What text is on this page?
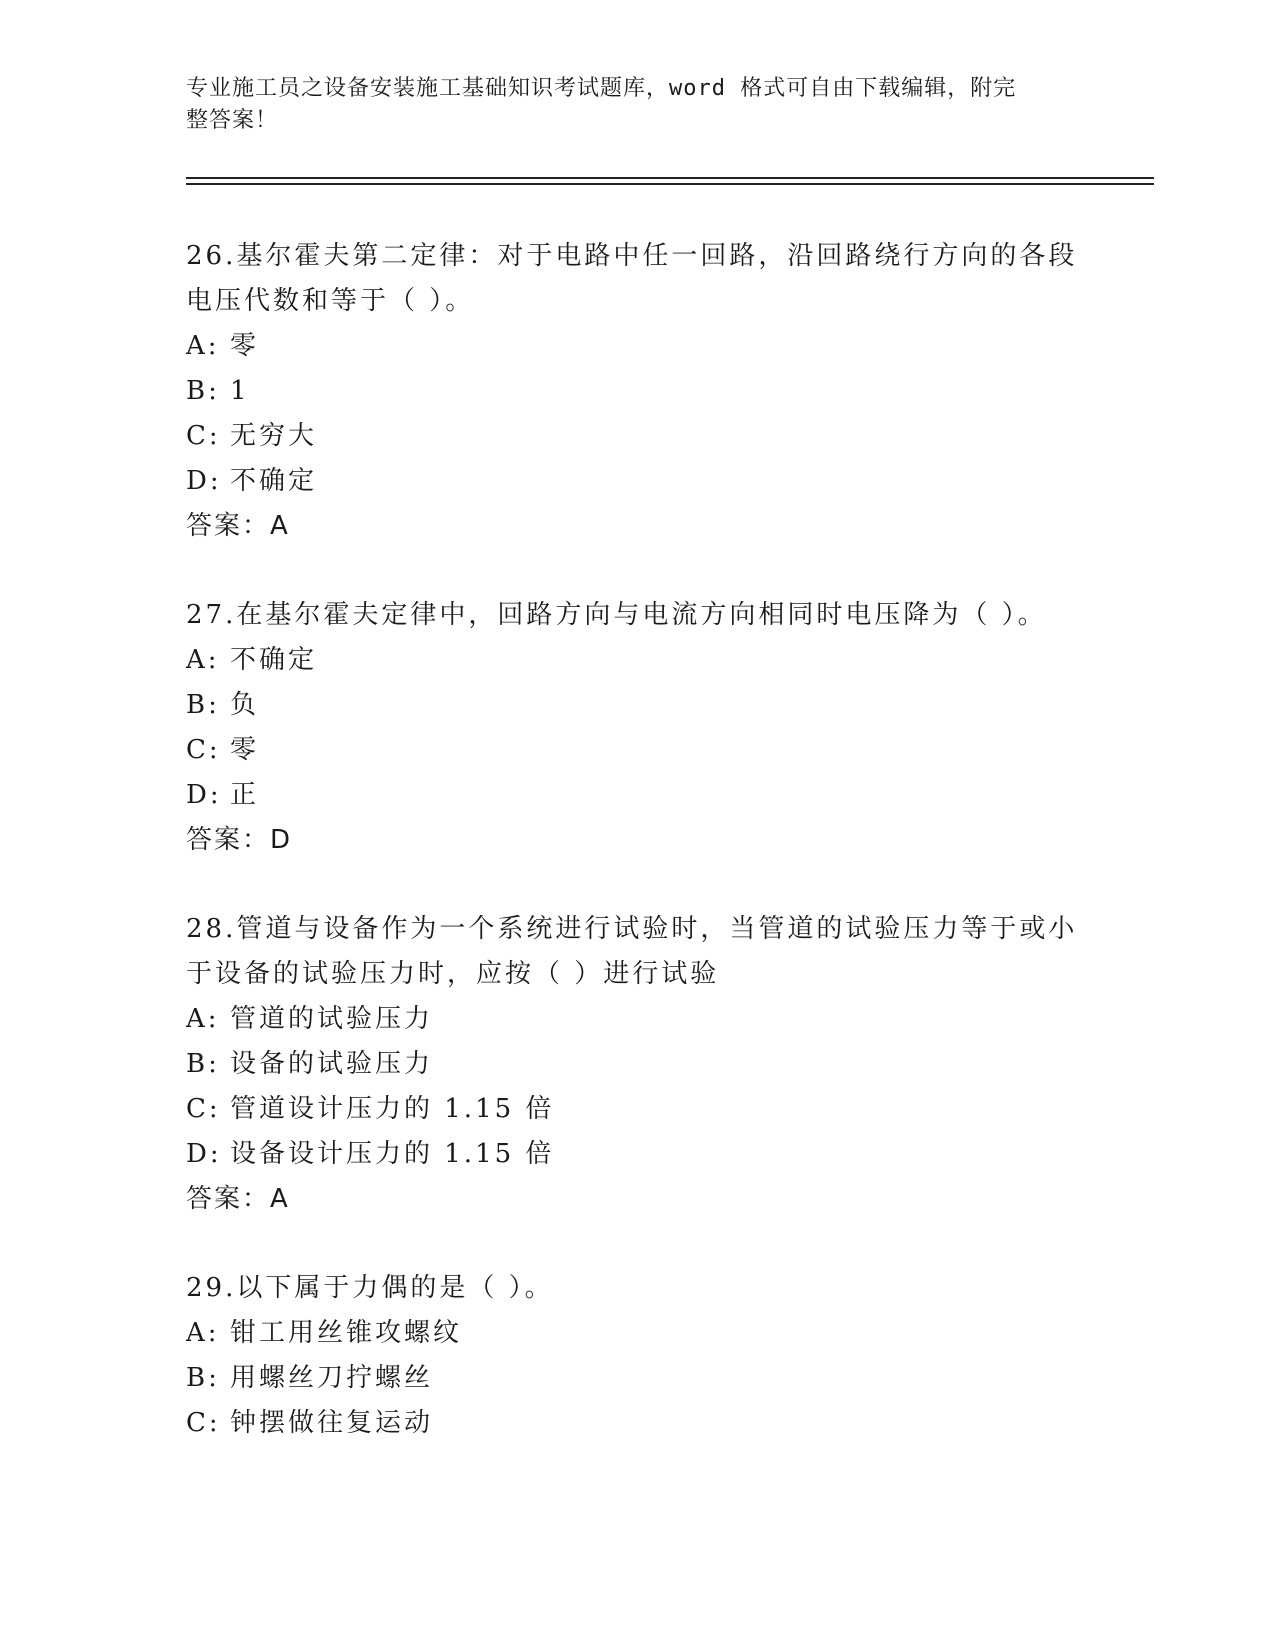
专业施工员之设备安装施工基础知识考试题库，word 格式可自由下载编辑，附完
整答案！
26.基尔霍夫第二定律：对于电路中任一回路，沿回路绕行方向的各段
电压代数和等于（ ）。
A: 零
B: 1
C: 无穷大
D: 不确定
答案：A
27.在基尔霍夫定律中，回路方向与电流方向相同时电压降为（ ）。
A: 不确定
B: 负
C: 零
D: 正
答案：D
28.管道与设备作为一个系统进行试验时，当管道的试验压力等于或小
于设备的试验压力时，应按（ ）进行试验
A: 管道的试验压力
B: 设备的试验压力
C: 管道设计压力的 1.15 倍
D: 设备设计压力的 1.15 倍
答案：A
29.以下属于力偶的是（ ）。
A: 钳工用丝锥攻螺纹
B: 用螺丝刀拧螺丝
C: 钟摆做往复运动
